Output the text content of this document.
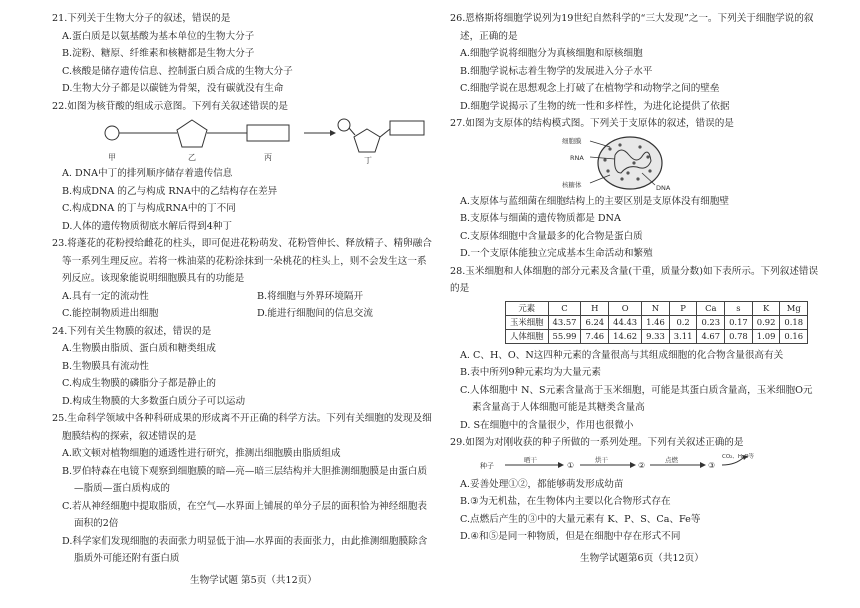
21.下列关于生物大分子的叙述，错误的是
A.蛋白质是以氨基酸为基本单位的生物大分子
B.淀粉、糖原、纤维素和核糖都是生物大分子
C.核酸是储存遗传信息、控制蛋白质合成的生物大分子
D.生物大分子都是以碳链为骨架，没有碳就没有生命
22.如图为核苷酸的组成示意图。下列有关叙述错误的是
甲	乙	丙	丁
A. DNA中丁的排列顺序储存着遗传信息
B.构成DNA 的乙与构成 RNA中的乙结构存在差异
C.构成DNA 的丁与构成RNA中的丁不同
D.人体的遗传物质彻底水解后得到4种丁
23.将蓬花的花粉授给雌花的柱头，即可促进花粉萌发、花粉管伸长、释放精子、精卵融合
等一系列生理反应。若将一株油菜的花粉涂抹到一朵桃花的柱头上，则不会发生这一系
列反应。该现象能说明细胞膜具有的功能是
A.具有一定的流动性	B.将细胞与外界环境隔开
C.能控制物质进出细胞	D.能进行细胞间的信息交流
24.下列有关生物膜的叙述，错误的是
A.生物膜由脂质、蛋白质和糖类组成
B.生物膜具有流动性
C.构成生物膜的磷脂分子都是静止的
D.构成生物膜的大多数蛋白质分子可以运动
25.生命科学领域中各种科研成果的形成离不开正确的科学方法。下列有关细胞的发现及细
胞膜结构的探索，叙述错误的是
A.欧文顿对植物细胞的通透性进行研究，推测出细胞膜由脂质组成
B.罗伯特森在电镜下观察到细胞膜的暗—亮—暗三层结构并大胆推测细胞膜是由蛋白质
—脂质—蛋白质构成的
C.若从神经细胞中提取脂质，在空气—水界面上铺展的单分子层的面积恰为神经细胞表
面积的2倍
D.科学家们发现细胞的表面张力明显低于油—水界面的表面张力，由此推测细胞膜除含
脂质外可能还附有蛋白质
生物学试题 第5页（共12页）
26.恩格斯将细胞学说列为19世纪自然科学的“三大发现”之一。下列关于细胞学说的叙
述，正确的是
A.细胞学说将细胞分为真核细胞和原核细胞
B.细胞学说标志着生物学的发展进入分子水平
C.细胞学说在思想观念上打破了在植物学和动物学之间的壁垒
D.细胞学说揭示了生物的统一性和多样性，为进化论提供了依据
27.如图为支原体的结构模式图。下列关于支原体的叙述，错误的是
细胞膜
RNA
核糖体	DNA
A.支原体与蓝细菌在细胞结构上的主要区别是支原体没有细胞壁
B.支原体与细菌的遗传物质都是 DNA
C.支原体细胞中含量最多的化合物是蛋白质
D.一个支原体能独立完成基本生命活动和繁殖
28.玉米细胞和人体细胞的部分元素及含量(干重，质量分数)如下表所示。下列叙述错误
的是
元素	C	H	O	N	P	Ca	s	K	Mg
玉米细胞	43.57	6.24	44.43	1.46	0.2	0.23	0.17	0.92	0.18
人体细胞	55.99	7.46	14.62	9.33	3.11	4.67	0.78	1.09	0.16
A. C、H、O、N这四种元素的含量很高与其组成细胞的化合物含量很高有关
B.表中所列9种元素均为大量元素
C.人体细胞中 N、S元素含量高于玉米细胞，可能是其蛋白质含量高，玉米细胞O元
素含量高于人体细胞可能是其糖类含量高
D. S在细胞中的含量很少，作用也很微小
29.如图为对刚收获的种子所做的一系列处理。下列有关叙述正确的是
种子
晒干
①
烘干
②
点燃
③
CO₂、H₂O等
A.妥善处理①②，都能够萌发形成幼苗
B.③为无机盐，在生物体内主要以化合物形式存在
C.点燃后产生的③中的大量元素有 K、P、S、Ca、Fe等
D.④和⑤是同一种物质，但是在细胞中存在形式不同
生物学试题第6页（共12页）
